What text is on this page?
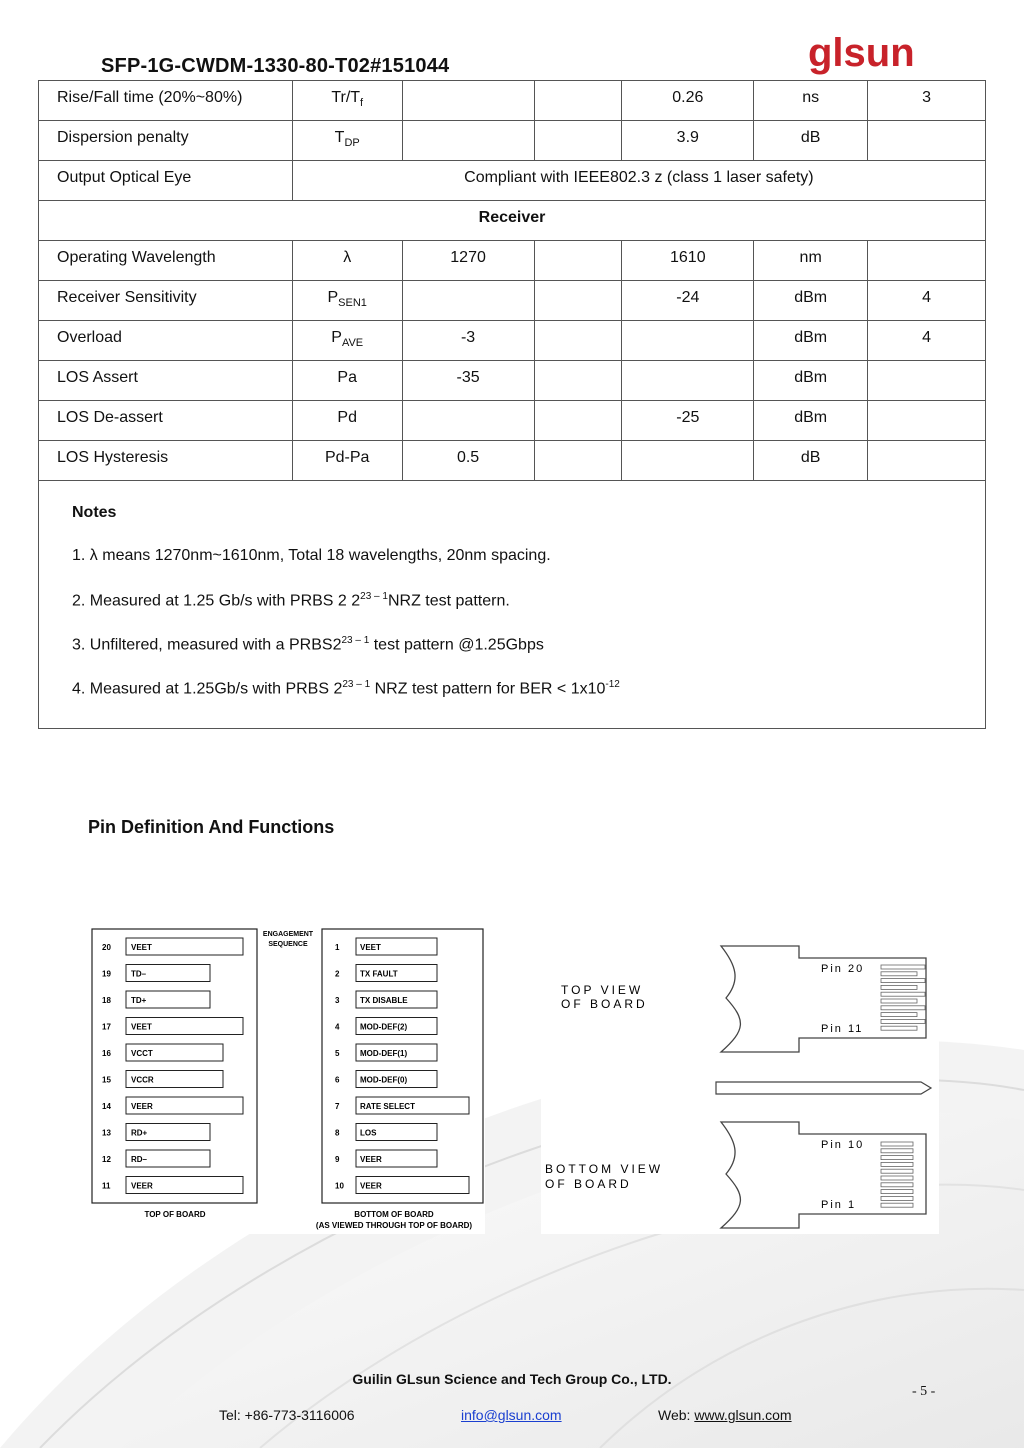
SFP-1G-CWDM-1330-80-T02#151044	glsun
Rise/Fall time (20%~80%)	$Tr/T_f$			0.26	ns	3

Dispersion penalty	$T_{DP}$			3.9	dB	

Output Optical Eye	Compliant with IEEE802.3 z (class 1 laser safety)					

Receiver						

Operating Wavelength	λ	1270		1610	nm	

Receiver Sensitivity	$P_{SEN1}$			-24	dBm	4

Overload	$P_{AVE}$	-3			dBm	4

LOS Assert	Pa	-35			dBm	

LOS De-assert	Pd			-25	dBm	

LOS Hysteresis	Pd-Pa	0.5			dB	

Notes
1. λ means 1270nm~1610nm, Total 18 wavelengths, 20nm spacing.
2. Measured at 1.25 Gb/s with PRBS 2 2$^{23 - 1}$NRZ test pattern.
3. Unfiltered, measured with a PRBS2$^{23 - 1}$ test pattern @1.25Gbps
4. Measured at 1.25Gb/s with PRBS 2$^{23 - 1}$ NRZ test pattern for BER < $1x10^{-12}$
Pin Definition And Functions
ENGAGEMENT
SEQUENCE
20	VEET	1	VEET
19	TD–	2	TX FAULT
18	TD+	3	TX DISABLE
17	VEET	4	MOD-DEF(2)
16	VCCT	5	MOD-DEF(1)
15	VCCR	6	MOD-DEF(0)
14	VEER	7	RATE SELECT
13	RD+	8	LOS
12	RD–	9	VEER
11	VEER	10 VEER
TOP OF BOARD	BOTTOM OF BOARD
(AS VIEWED THROUGH TOP OF BOARD)
TOP VIEW
OF BOARD
BOTTOM VIEW
OF BOARD
Pin 20
Pin 11
Pin 10
Pin 1
Guilin GLsun Science and Tech Group Co., LTD.
- 5 -
Tel: +86-773-3116006	info@glsun.com	Web: www.glsun.com
